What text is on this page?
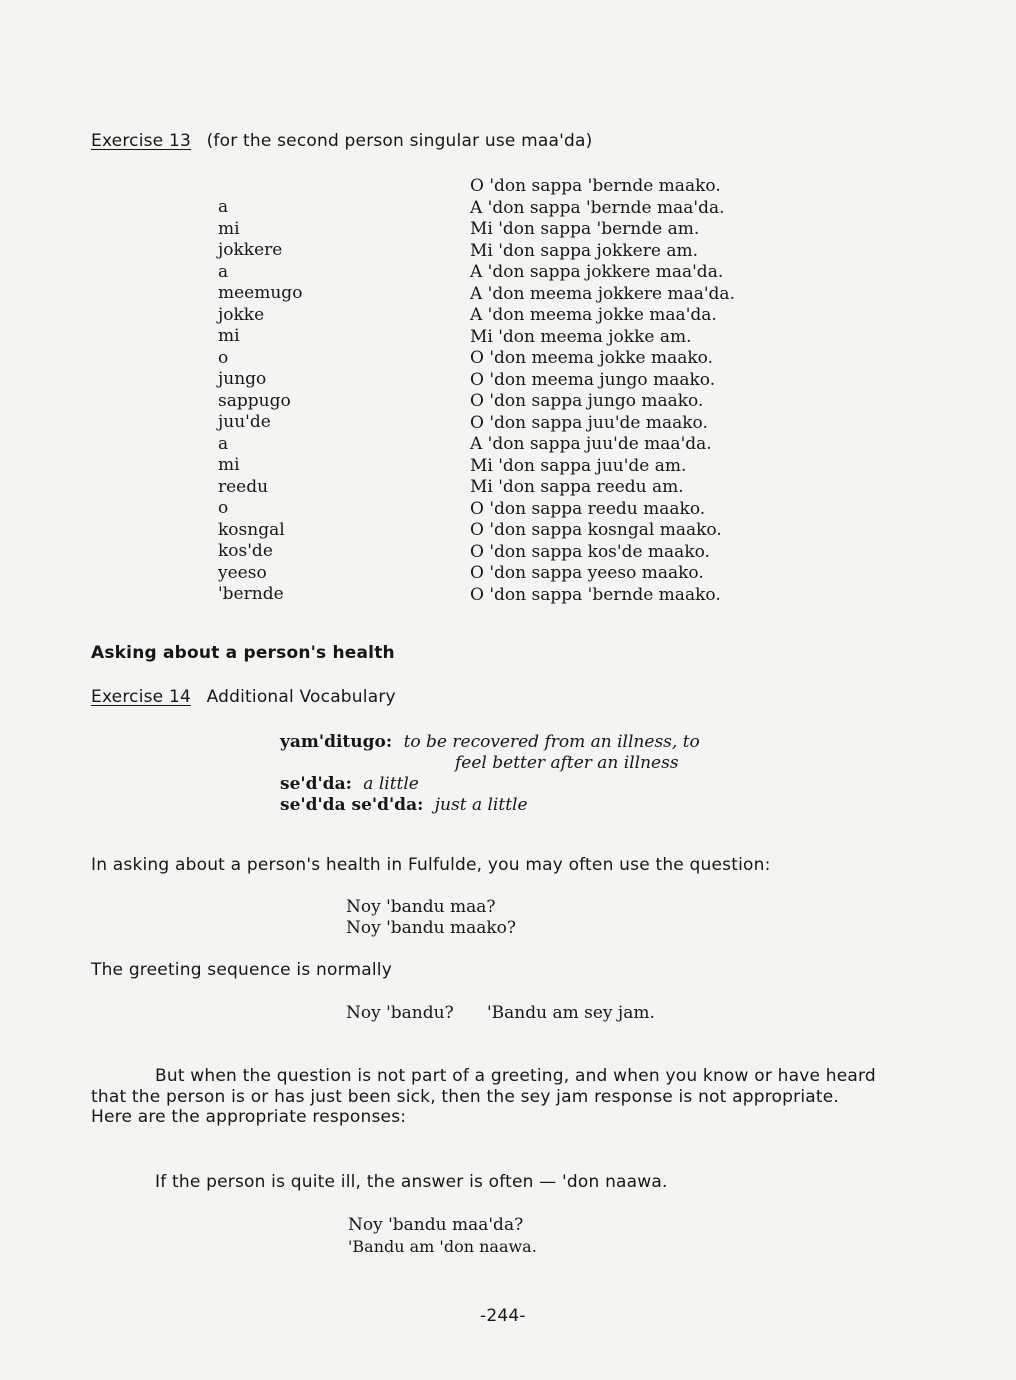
Exercise 13 (for the second person singular use maa'da)
a
mi
jokkere
a
meemugo
jokke
mi
o
jungo
sappugo
juu'de
a
mi
reedu
o
kosngal
kos'de
yeeso
'bernde
O 'don sappa 'bernde maako.
A 'don sappa 'bernde maa'da.
Mi 'don sappa 'bernde am.
Mi 'don sappa jokkere am.
A 'don sappa jokkere maa'da.
A 'don meema jokkere maa'da.
A 'don meema jokke maa'da.
Mi 'don meema jokke am.
O 'don meema jokke maako.
O 'don meema jungo maako.
O 'don sappa jungo maako.
O 'don sappa juu'de maako.
A 'don sappa juu'de maa'da.
Mi 'don sappa juu'de am.
Mi 'don sappa reedu am.
O 'don sappa reedu maako.
O 'don sappa kosngal maako.
O 'don sappa kos'de maako.
O 'don sappa yeeso maako.
O 'don sappa 'bernde maako.
Asking about a person's health
Exercise 14 Additional Vocabulary
yam'ditugo: to be recovered from an illness, to
feel better after an illness
se'd'da: a little
se'd'da se'd'da: just a little
In asking about a person's health in Fulfulde, you may often use the question:
Noy 'bandu maa?
Noy 'bandu maako?
The greeting sequence is normally
Noy 'bandu? 'Bandu am sey jam.
But when the question is not part of a greeting, and when you know or have heard
that the person is or has just been sick, then the sey jam response is not appropriate.
Here are the appropriate responses:
If the person is quite ill, the answer is often — 'don naawa.
Noy 'bandu maa'da?
'Bandu am 'don naawa.
-244-
